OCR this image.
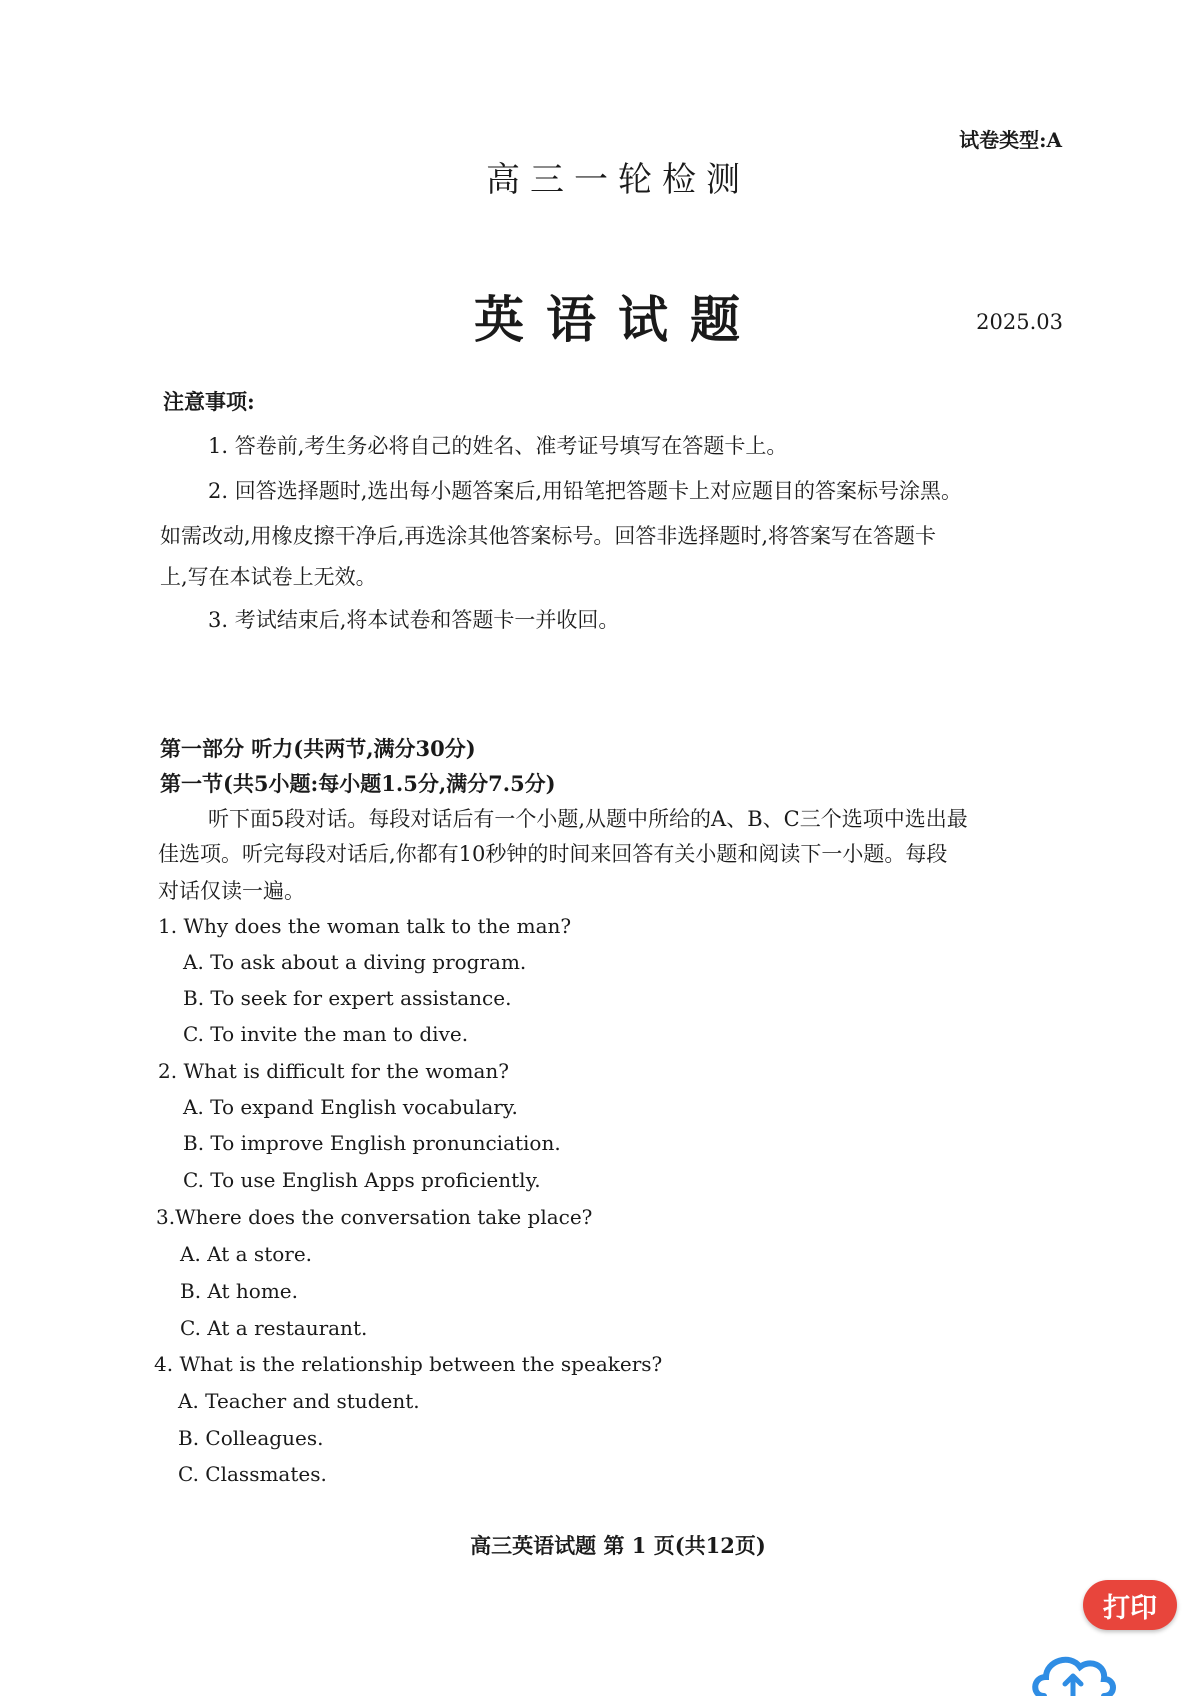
试卷类型:A
高三一轮检测
英语试题	2025.03
注意事项:
1. 答卷前,考生务必将自己的姓名、准考证号填写在答题卡上。
2. 回答选择题时,选出每小题答案后,用铅笔把答题卡上对应题目的答案标号涂黑。
如需改动,用橡皮擦干净后,再选涂其他答案标号。回答非选择题时,将答案写在答题卡
上,写在本试卷上无效。
3. 考试结束后,将本试卷和答题卡一并收回。
第一部分 听力(共两节,满分30分)
第一节(共5小题:每小题1.5分,满分7.5分)
听下面5段对话。每段对话后有一个小题,从题中所给的A、B、C三个选项中选出最
佳选项。听完每段对话后,你都有10秒钟的时间来回答有关小题和阅读下一小题。每段
对话仅读一遍。
1. Why does the woman talk to the man?
A. To ask about a diving program.
B. To seek for expert assistance.
C. To invite the man to dive.
2. What is difficult for the woman?
A. To expand English vocabulary.
B. To improve English pronunciation.
C. To use English Apps proficiently.
3.Where does the conversation take place?
A. At a store.
B. At home.
C. At a restaurant.
4. What is the relationship between the speakers?
A. Teacher and student.
B. Colleagues.
C. Classmates.
高三英语试题 第 1 页(共12页)
打印
